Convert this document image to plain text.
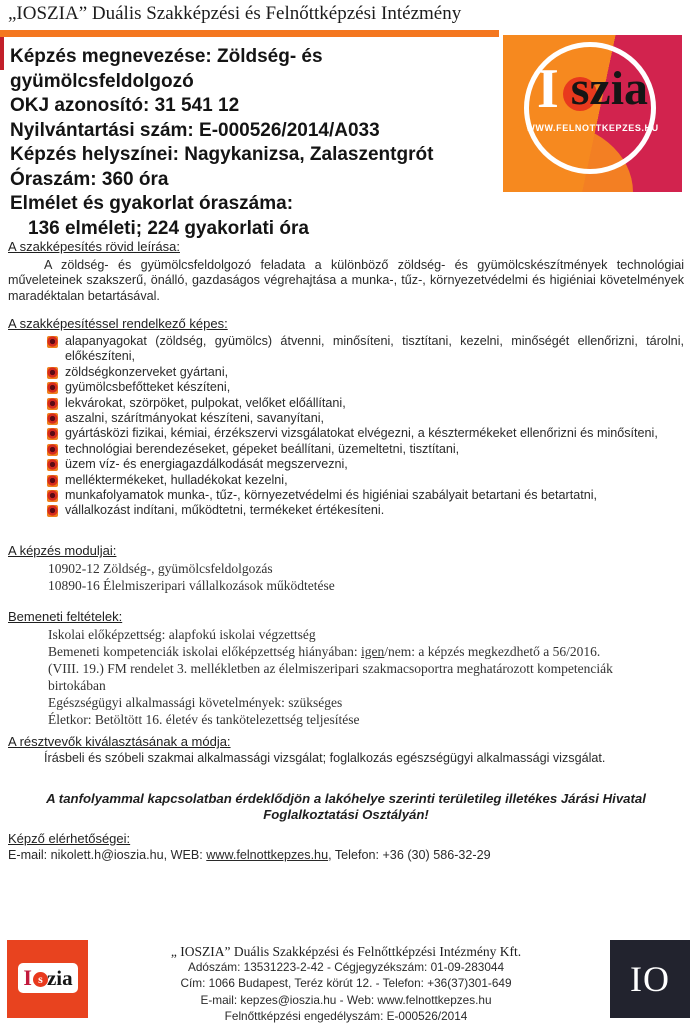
„IOSZIA” Duális Szakképzési és Felnőttképzési Intézmény
Képzés megnevezése: Zöldség- és
gyümölcsfeldolgozó
OKJ azonosító: 31 541 12
Nyilvántartási szám: E-000526/2014/A033
Képzés helyszínei: Nagykanizsa, Zalaszentgrót
Óraszám: 360 óra
Elmélet és gyakorlat óraszáma:
136 elméleti; 224 gyakorlati óra
I szia
WWW.FELNOTTKEPZES.HU
A szakképesítés rövid leírása:

A zöldség- és gyümölcsfeldolgozó feladata a különböző zöldség- és gyümölcskészítmények technológiai műveleteinek szakszerű, önálló, gazdaságos végrehajtása a munka-, tűz-, környezetvédelmi és higiéniai követelmények maradéktalan betartásával.

A szakképesítéssel rendelkező képes:
alapanyagokat (zöldség, gyümölcs) átvenni, minősíteni, tisztítani, kezelni, minőségét ellenőrizni, tárolni, előkészíteni,
zöldségkonzerveket gyártani,
gyümölcsbefőtteket készíteni,
lekvárokat, szörpöket, pulpokat, velőket előállítani,
aszalni, szárítmányokat készíteni, savanyítani,
gyártásközi fizikai, kémiai, érzékszervi vizsgálatokat elvégezni, a késztermékeket ellenőrizni és minősíteni,
technológiai berendezéseket, gépeket beállítani, üzemeltetni, tisztítani,
üzem víz- és energiagazdálkodását megszervezni,
melléktermékeket, hulladékokat kezelni,
munkafolyamatok munka-, tűz-, környezetvédelmi és higiéniai szabályait betartani és betartatni,
vállalkozást indítani, működtetni, termékeket értékesíteni.
A képzés moduljai:
10902-12 Zöldség-, gyümölcsfeldolgozás
10890-16 Élelmiszeripari vállalkozások működtetése
Bemeneti feltételek:
Iskolai előképzettség: alapfokú iskolai végzettség
Bemeneti kompetenciák iskolai előképzettség hiányában: igen/nem: a képzés megkezdhető a 56/2016.
(VIII. 19.) FM rendelet 3. mellékletben az élelmiszeripari szakmacsoportra meghatározott kompetenciák
birtokában
Egészségügyi alkalmassági követelmények: szükséges
Életkor: Betöltött 16. életév és tankötelezettség teljesítése
A résztvevők kiválasztásának a módja:

Írásbeli és szóbeli szakmai alkalmassági vizsgálat; foglalkozás egészségügyi alkalmassági vizsgálat.

A tanfolyammal kapcsolatban érdeklődjön a lakóhelye szerinti területileg illetékes Járási Hivatal Foglalkoztatási Osztályán!
Képző elérhetőségei:
E-mail: nikolett.h@ioszia.hu, WEB: www.felnottkepzes.hu, Telefon: +36 (30) 586-32-29
I s zia
„ IOSZIA” Duális Szakképzési és Felnőttképzési Intézmény Kft.
Adószám: 13531223-2-42 - Cégjegyzékszám: 01-09-283044
Cím: 1066 Budapest, Teréz körút 12. - Telefon: +36(37)301-649
E-mail: kepzes@ioszia.hu - Web: www.felnottkepzes.hu
Felnőttképzési engedélyszám: E-000526/2014
IO
